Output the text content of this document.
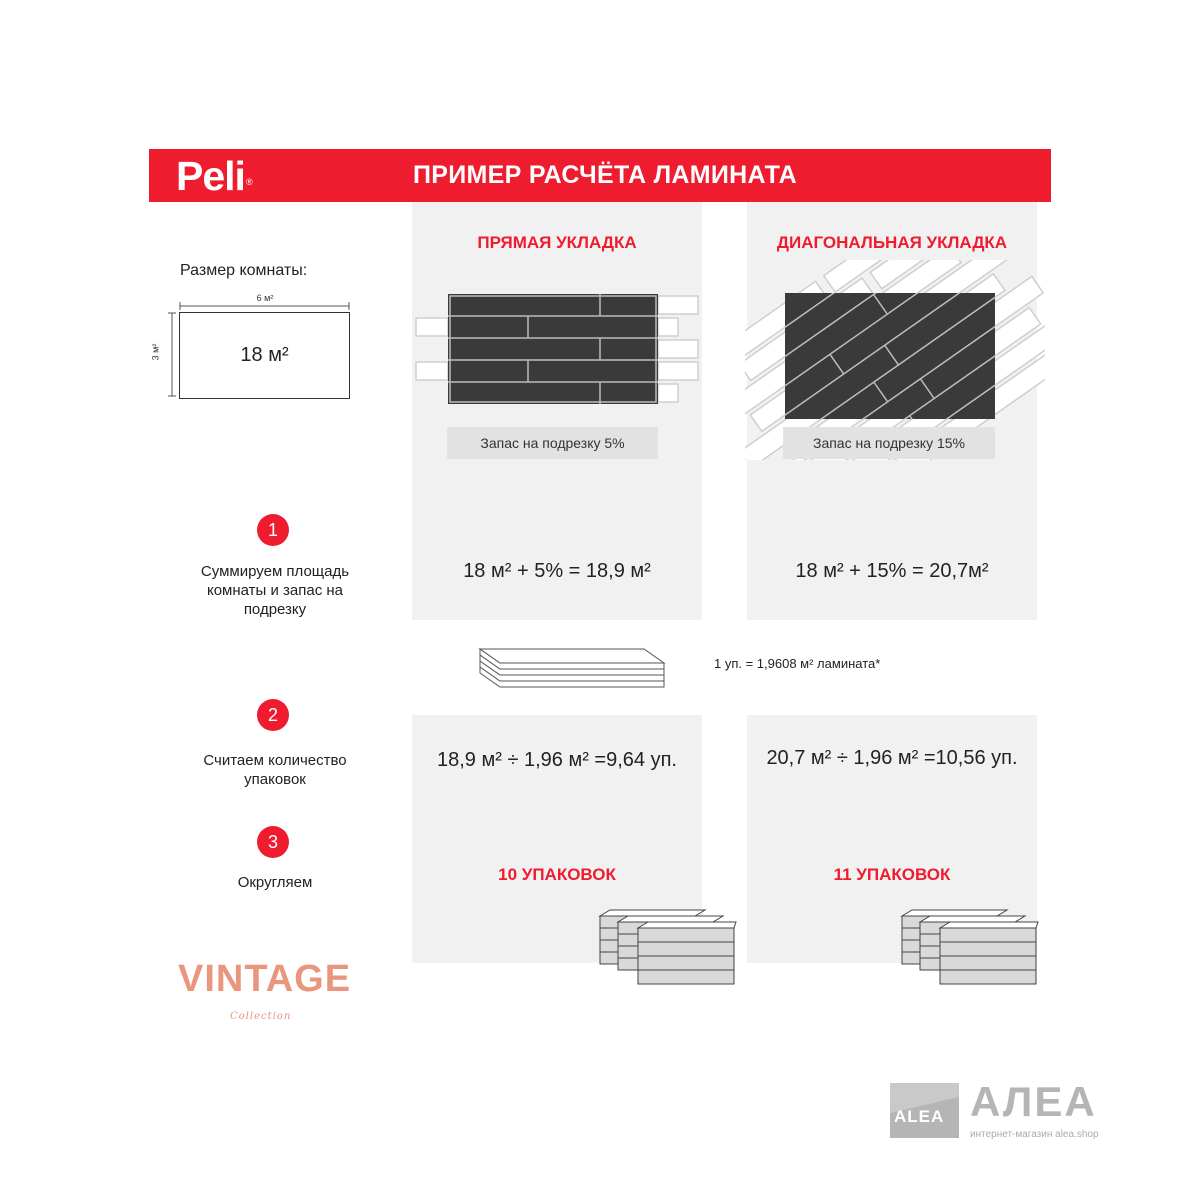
Peli®	ПРИМЕР РАСЧЁТА ЛАМИНАТА
ПРЯМАЯ УКЛАДКА	ДИАГОНАЛЬНАЯ УКЛАДКА
Размер комнаты:
6 м²
3 м²	18 м²
Запас на подрезку 5%	Запас на подрезку 15%
1
Суммируем площадь комнаты и запас на подрезку
18 м² + 5% = 18,9 м²	18 м² + 15% = 20,7м²
1 уп. = 1,9608 м² ламината*
2
Считаем количество упаковок
18,9 м² ÷ 1,96 м² =9,64 уп.	20,7 м² ÷ 1,96 м² =10,56 уп.
3
Округляем	10 УПАКОВОК	11 УПАКОВОК
VINTAGE
Collection
ALEA АЛЕА
интернет-магазин alea.shop
